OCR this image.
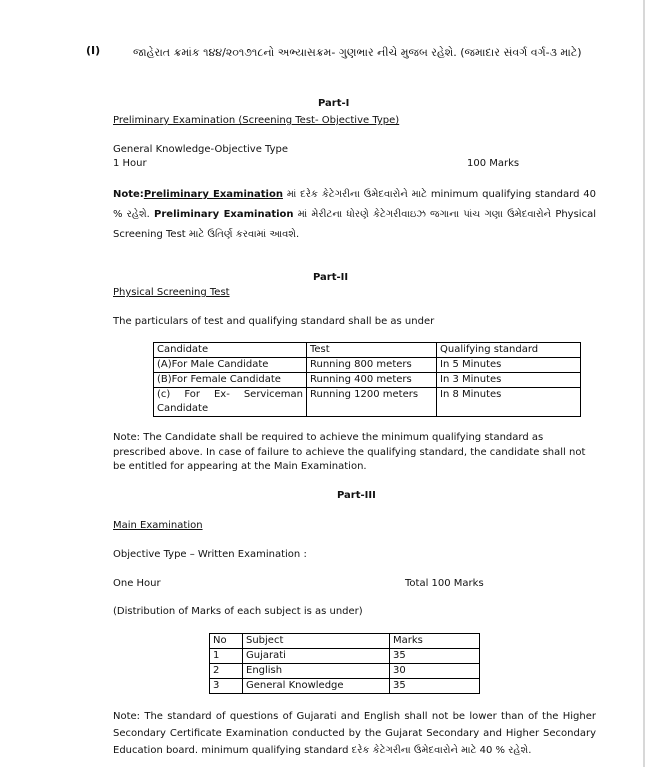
(I)	જાહેરાત ક્રમાંક ૧૪૪/૨૦૧૭૧૮નો અભ્યાસક્રમ- ગુણભાર નીચે મુજબ રહેશે. (જમાદાર સંવર્ગ વર્ગ-૩ માટે)
Part-I
Preliminary Examination (Screening Test- Objective Type)
General Knowledge-Objective Type
1 Hour	100 Marks
Note:Preliminary Examination માં દરેક કેટેગરીના ઉમેદવારોને માટે minimum qualifying standard 40 % રહેશે. Preliminary Examination માં મેરીટના ધોરણે કેટેગરીવાઇઝ જગાના પાંચ ગણા ઉમેદવારોને Physical Screening Test માટે ઉતિર્ણ કરવામાં આવશે.
Part-II
Physical Screening Test
The particulars of test and qualifying standard shall be as under
Candidate	Test	Qualifying standard
(A)For Male Candidate	Running 800 meters	In 5 Minutes
(B)For Female Candidate	Running 400 meters	In 3 Minutes
(c) For Ex- Serviceman Candidate	Running 1200 meters	In 8 Minutes
Note: The Candidate shall be required to achieve the minimum qualifying standard as prescribed above. In case of failure to achieve the qualifying standard, the candidate shall not be entitled for appearing at the Main Examination.
Part-III
Main Examination
Objective Type – Written Examination :
One Hour	Total 100 Marks
(Distribution of Marks of each subject is as under)
No	Subject	Marks
1	Gujarati	35
2	English	30
3	General Knowledge	35
Note: The standard of questions of Gujarati and English shall not be lower than of the Higher Secondary Certificate Examination conducted by the Gujarat Secondary and Higher Secondary Education board. minimum qualifying standard દરેક કેટેગરીના ઉમેદવારોને માટે 40 % રહેશે.
